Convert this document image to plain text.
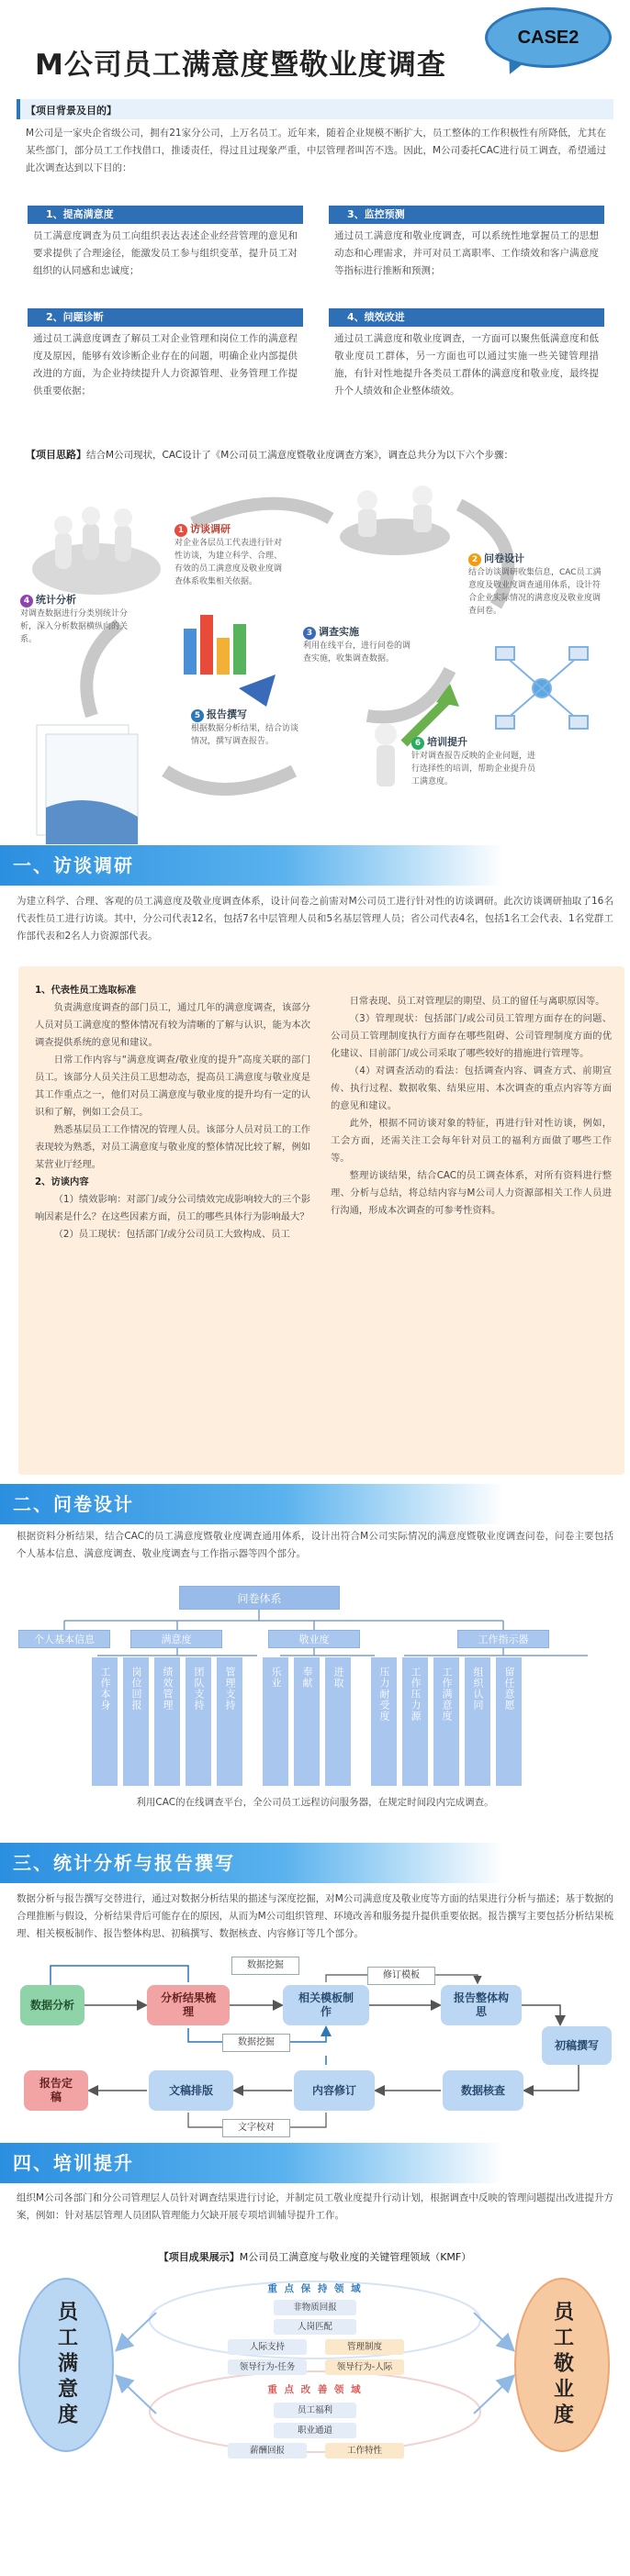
M公司员工满意度暨敬业度调查
CASE2
【项目背景及目的】
M公司是一家央企省级公司，拥有21家分公司，上万名员工。近年来，随着企业规模不断扩大，员工整体的工作积极性有所降低，尤其在某些部门，部分员工工作找借口，推诿责任，得过且过现象严重，中层管理者叫苦不迭。因此，M公司委托CAC进行员工调查，希望通过此次调查达到以下目的：
1、提高满意度
员工满意度调查为员工向组织表达表述企业经营管理的意见和要求提供了合理途径，能激发员工参与组织变革，提升员工对组织的认同感和忠诚度；
3、监控预测
通过员工满意度和敬业度调查，可以系统性地掌握员工的思想动态和心理需求，并可对员工离职率、工作绩效和客户满意度等指标进行推断和预测；
2、问题诊断
通过员工满意度调查了解员工对企业管理和岗位工作的满意程度及原因，能够有效诊断企业存在的问题，明确企业内部提供改进的方面，为企业持续提升人力资源管理、业务管理工作提供重要依据；
4、绩效改进
通过员工满意度和敬业度调查，一方面可以聚焦低满意度和低敬业度员工群体，另一方面也可以通过实施一些关键管理措施，有针对性地提升各类员工群体的满意度和敬业度，最终提升个人绩效和企业整体绩效。
【项目思路】结合M公司现状，CAC设计了《M公司员工满意度暨敬业度调查方案》，调查总共分为以下六个步骤：
1 访谈调研
对企业各层员工代表进行针对性访谈，为建立科学、合理、有效的员工满意度及敬业度调查体系收集相关依据。
2 问卷设计
结合访谈调研收集信息，CAC员工满意度及敬业度调查通用体系，设计符合企业实际情况的满意度及敬业度调查问卷。
3 调查实施
利用在线平台，进行问卷的调查实施，收集调查数据。
4 统计分析
对调查数据进行分类别统计分析，深入分析数据横纵向的关系。
5 报告撰写
根据数据分析结果，结合访谈情况，撰写调查报告。	6 培训提升
针对调查报告反映的企业问题，进行选择性的培训，帮助企业提升员工满意度。
一、访谈调研
为建立科学、合理、客观的员工满意度及敬业度调查体系，设计问卷之前需对M公司员工进行针对性的访谈调研。此次访谈调研抽取了16名代表性员工进行访谈。其中，分公司代表12名，包括7名中层管理人员和5名基层管理人员；省公司代表4名，包括1名工会代表、1名党群工作部代表和2名人力资源部代表。
1、代表性员工选取标准
负责满意度调查的部门员工，通过几年的满意度调查，该部分人员对员工满意度的整体情况有较为清晰的了解与认识，能为本次调查提供系统的意见和建议。
日常工作内容与“满意度调查/敬业度的提升”高度关联的部门员工。该部分人员关注员工思想动态，提高员工满意度与敬业度是其工作重点之一，他们对员工满意度与敬业度的提升均有一定的认识和了解，例如工会员工。
熟悉基层员工工作情况的管理人员。该部分人员对员工的工作表现较为熟悉，对员工满意度与敬业度的整体情况比较了解，例如某营业厅经理。
2、访谈内容
（1）绩效影响：对部门/或分公司绩效完成影响较大的三个影响因素是什么？在这些因素方面，员工的哪些具体行为影响最大？
（2）员工现状：包括部门/或分公司员工大致构成、员工
日常表现、员工对管理层的期望、员工的留任与离职原因等。
（3）管理现状：包括部门/或公司员工管理方面存在的问题、公司员工管理制度执行方面存在哪些阻碍、公司管理制度方面的优化建议、目前部门/或公司采取了哪些较好的措施进行管理等。
（4）对调查活动的看法：包括调查内容、调查方式、前期宣传、执行过程、数据收集、结果应用、本次调查的重点内容等方面的意见和建议。
此外，根据不同访谈对象的特征，再进行针对性访谈，例如，工会方面，还需关注工会每年针对员工的福利方面做了哪些工作等。
整理访谈结果，结合CAC的员工调查体系，对所有资料进行整理、分析与总结，将总结内容与M公司人力资源部相关工作人员进行沟通，形成本次调查的可参考性资料。
二、问卷设计
根据资料分析结果，结合CAC的员工满意度暨敬业度调查通用体系，设计出符合M公司实际情况的满意度暨敬业度调查问卷，问卷主要包括个人基本信息、满意度调查、敬业度调查与工作指示器等四个部分。
问卷体系
个人基本信息	满意度	敬业度	工作指示器
工作本身	岗位回报	绩效管理	团队支持	管理支持	乐业	奉献	进取	压力耐受度	工作压力源	工作满意度	组织认同	留任意愿
利用CAC的在线调查平台，全公司员工远程访问服务器，在规定时间段内完成调查。
三、统计分析与报告撰写
数据分析与报告撰写交替进行，通过对数据分析结果的描述与深度挖掘，对M公司满意度及敬业度等方面的结果进行分析与描述；基于数据的合理推断与假设，分析结果背后可能存在的原因，从而为M公司组织管理、环境改善和服务提升提供重要依据。报告撰写主要包括分析结果梳理、相关模板制作、报告整体构思、初稿撰写、数据核查、内容修订等几个部分。
数据挖掘
修订模板
数据挖掘
文字校对
数据分析
分析结果梳理
相关模板制作
报告整体构思
初稿撰写
数据核查
内容修订
文稿排版
报告定稿
四、培训提升
组织M公司各部门和分公司管理层人员针对调查结果进行讨论，并制定员工敬业度提升行动计划，根据调查中反映的管理问题提出改进提升方案，例如：针对基层管理人员团队管理能力欠缺开展专项培训辅导提升工作。
【项目成果展示】M公司员工满意度与敬业度的关键管理领域（KMF）
员工满意度	员工敬业度
重 点 保 持 领 域
非物质回报
人岗匹配
人际支持	管理制度
领导行为-任务	领导行为-人际
重 点 改 善 领 域
员工福利
职业通道
薪酬回报	工作特性
